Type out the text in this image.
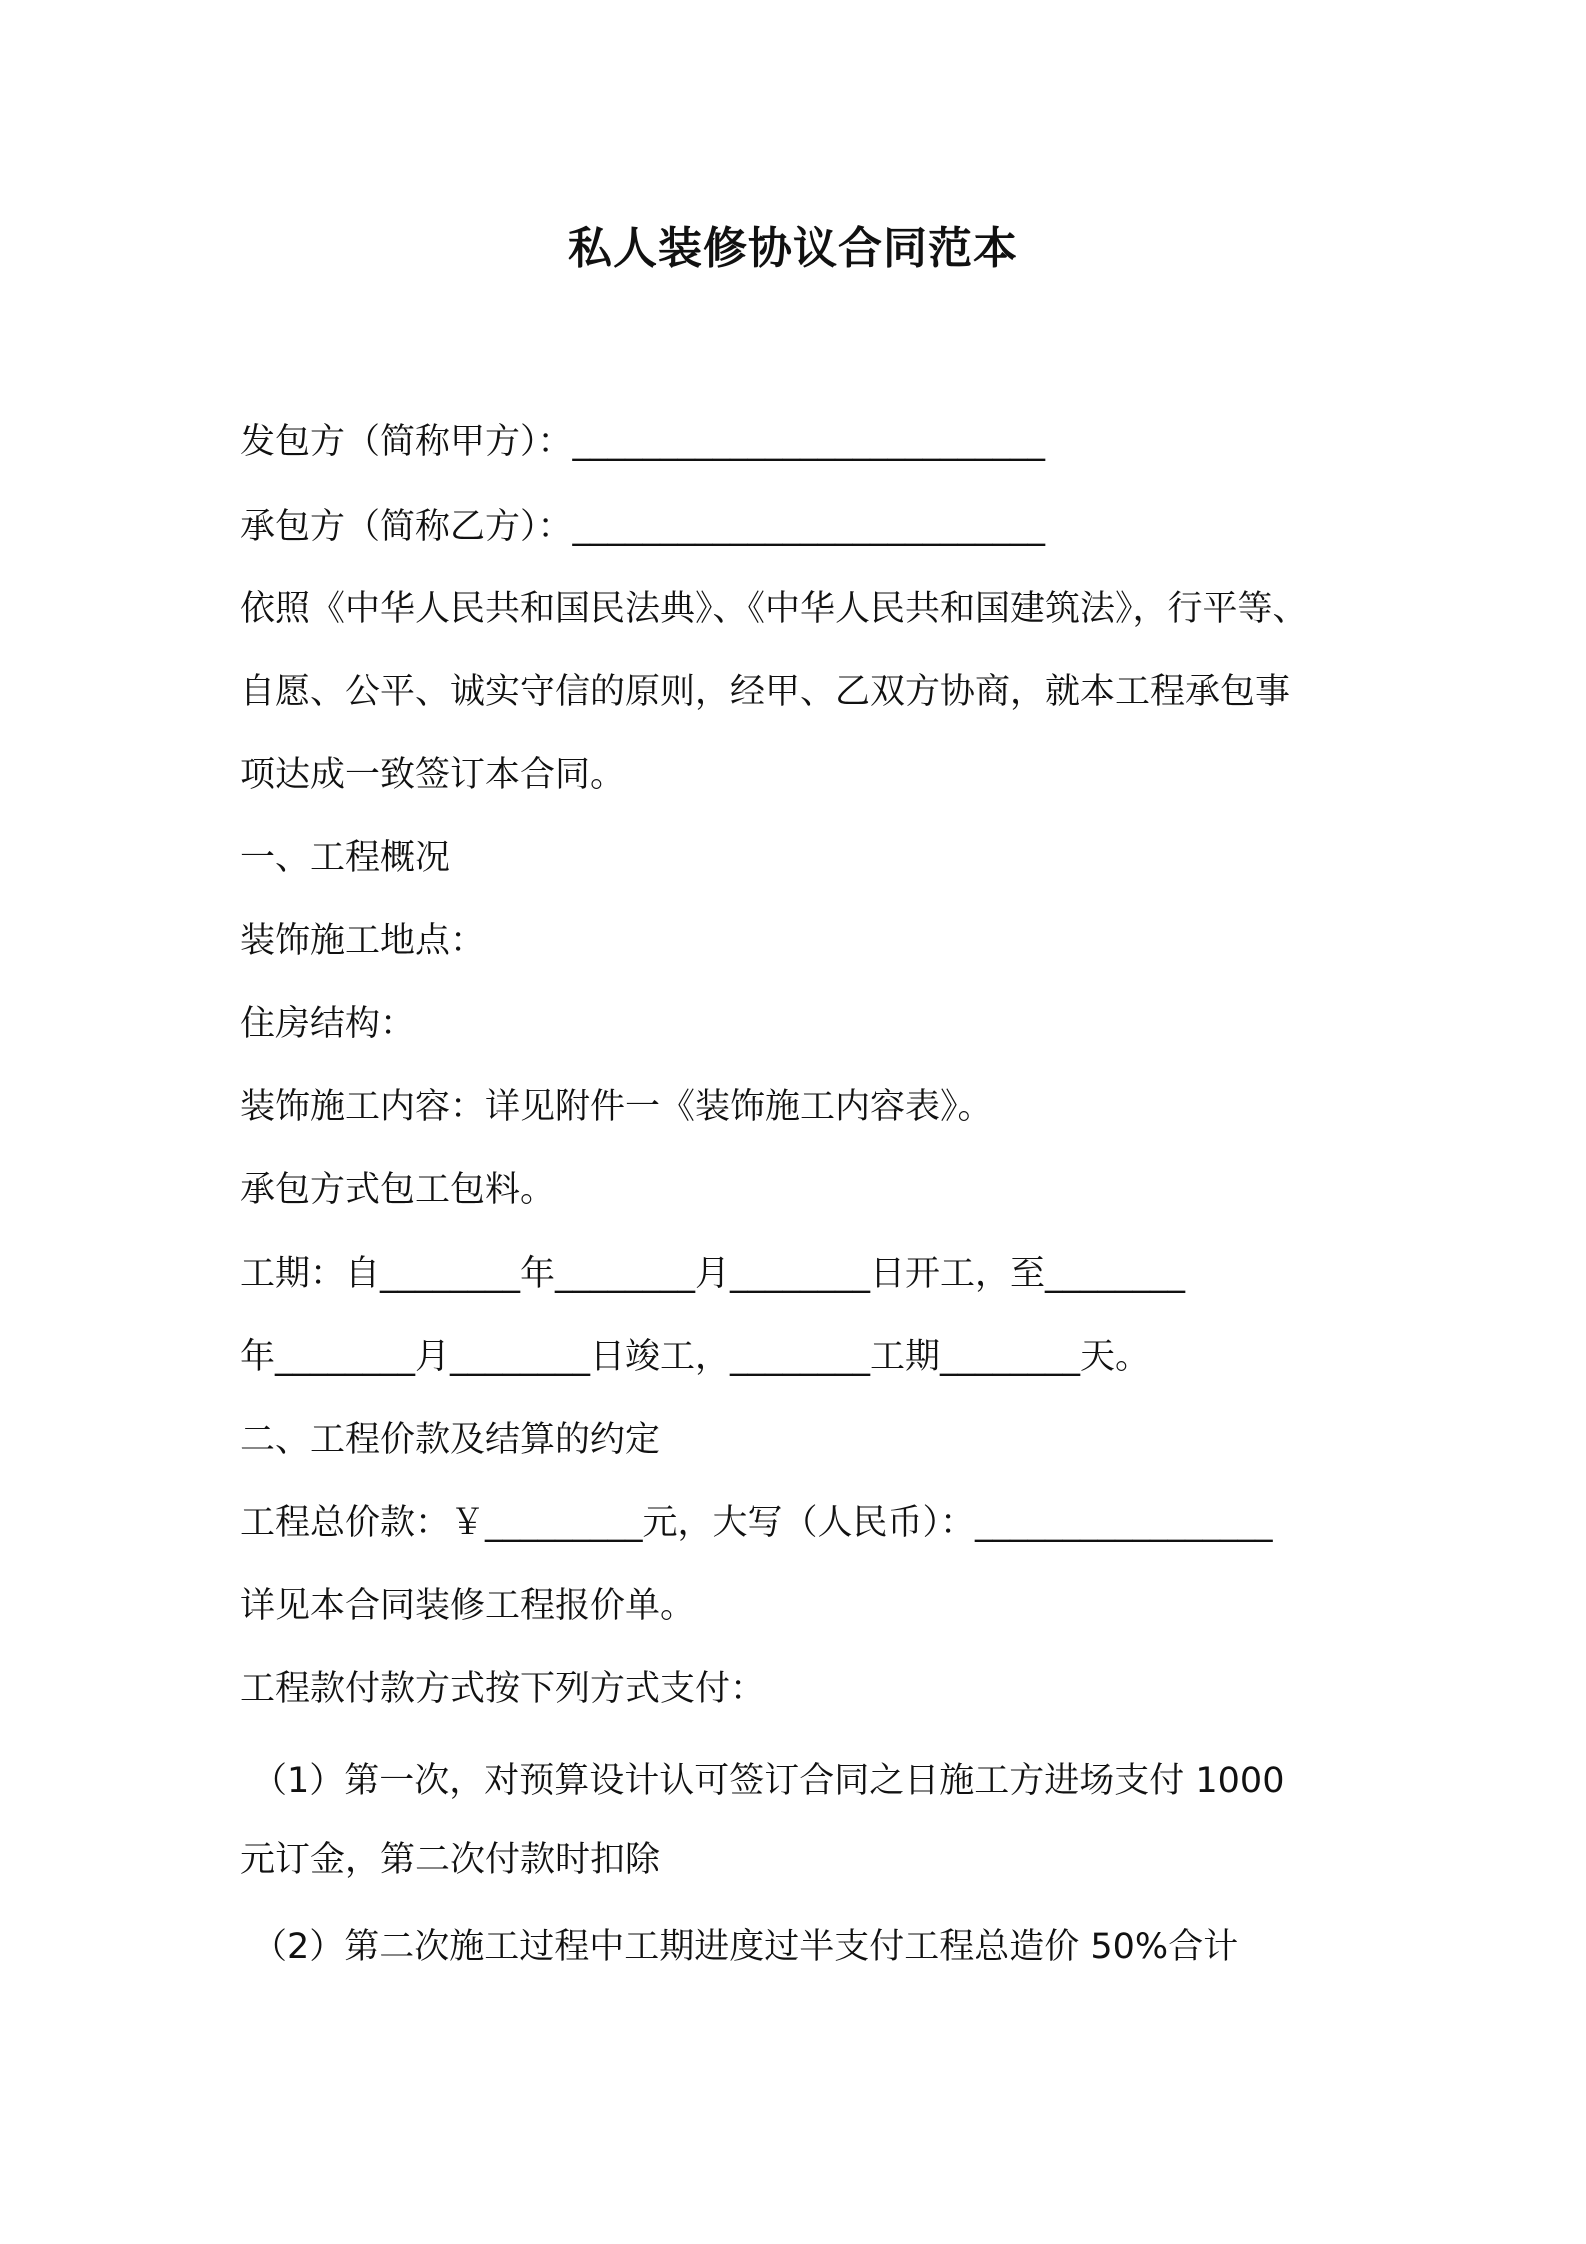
私人装修协议合同范本

发包方（简称甲方）：___________________________

承包方（简称乙方）：___________________________

依照《中华人民共和国民法典》、《中华人民共和国建筑法》，行平等、

自愿、公平、诚实守信的原则，经甲、乙双方协商，就本工程承包事

项达成一致签订本合同。

一、工程概况

装饰施工地点：

住房结构：

装饰施工内容：详见附件一《装饰施工内容表》。

承包方式包工包料。

工期：自________年________月________日开工，至________

年________月________日竣工，________工期________天。

二、工程价款及结算的约定

工程总价款：￥_________元，大写（人民币）：_________________

详见本合同装修工程报价单。

工程款付款方式按下列方式支付：

（1）第一次，对预算设计认可签订合同之日施工方进场支付 1000

元订金，第二次付款时扣除

（2）第二次施工过程中工期进度过半支付工程总造价 50%合计
